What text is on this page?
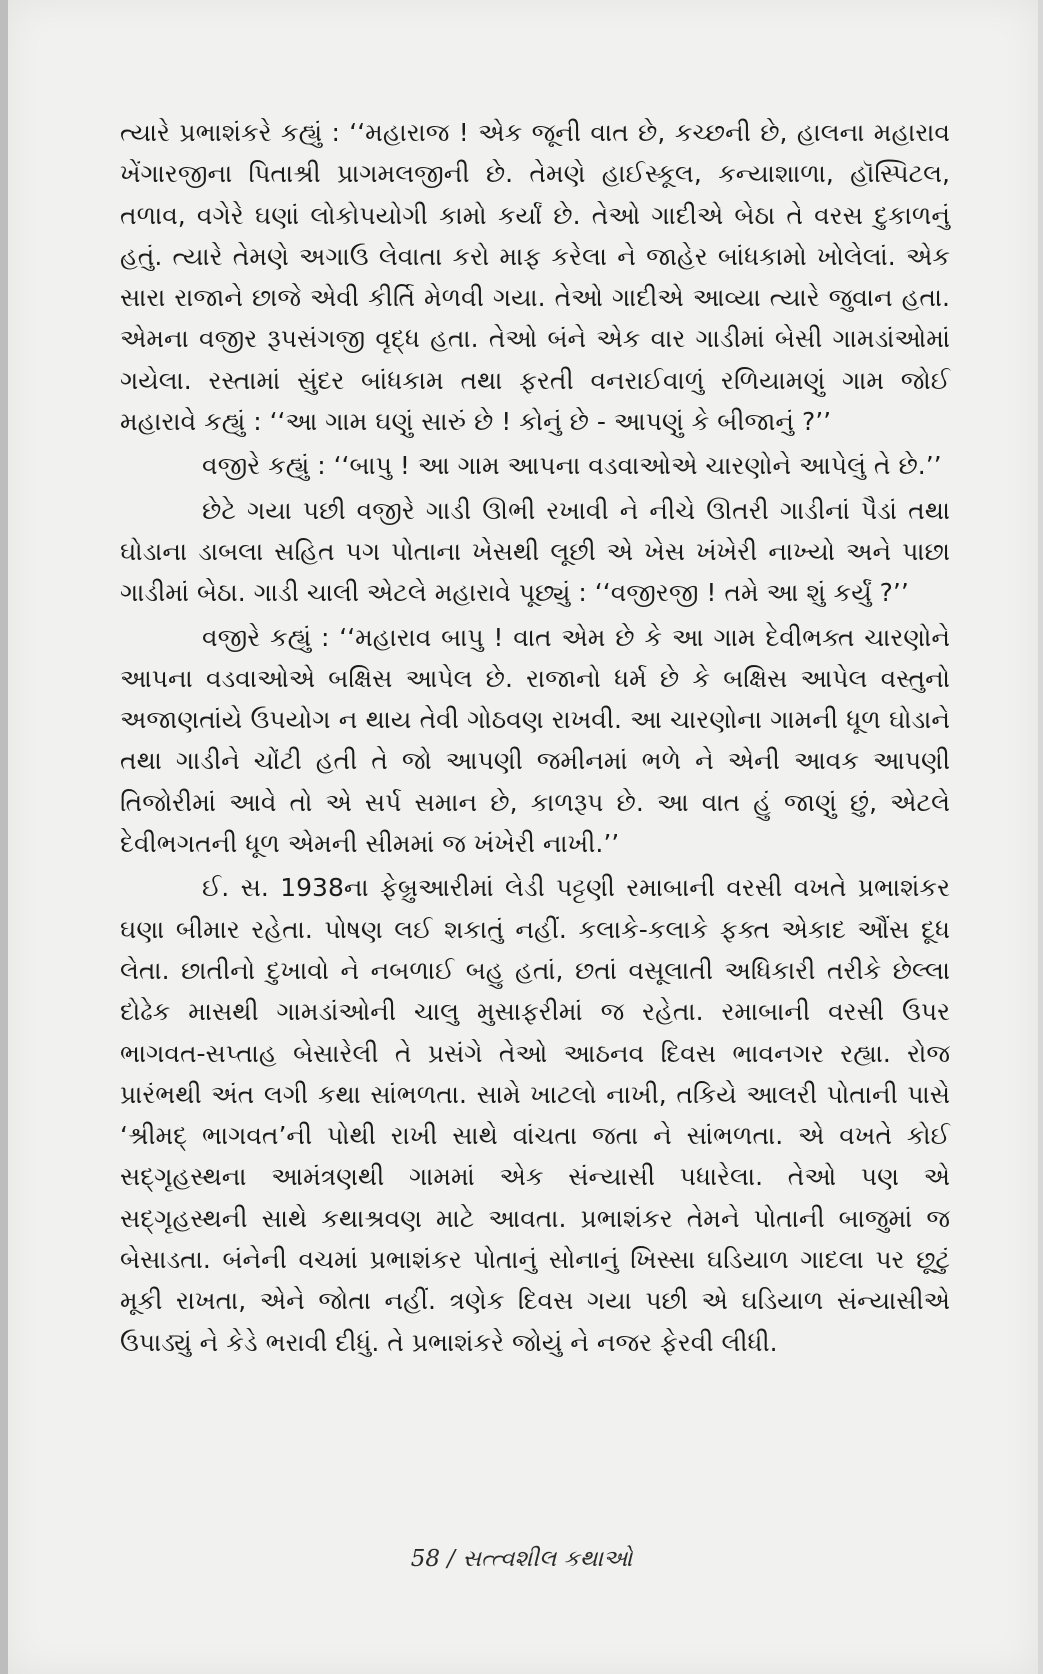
ત્યારે પ્રભાશંકરે કહ્યું : ‘‘મહારાજ ! એક જૂની વાત છે, કચ્છની છે, હાલના મહારાવ ખેંગારજીના પિતાશ્રી પ્રાગમલજીની છે. તેમણે હાઈસ્કૂલ, કન્યાશાળા, હૉસ્પિટલ, તળાવ, વગેરે ઘણાં લોકોપયોગી કામો કર્યાં છે. તેઓ ગાદીએ બેઠા તે વરસ દુકાળનું હતું. ત્યારે તેમણે અગાઉ લેવાતા કરો માફ કરેલા ને જાહેર બાંધકામો ખોલેલાં. એક સારા રાજાને છાજે એવી કીર્તિ મેળવી ગયા. તેઓ ગાદીએ આવ્યા ત્યારે જુવાન હતા. એમના વજીર રૂપસંગજી વૃદ્ધ હતા. તેઓ બંને એક વાર ગાડીમાં બેસી ગામડાંઓમાં ગયેલા. રસ્તામાં સુંદર બાંધકામ તથા ફરતી વનરાઈવાળું રળિયામણું ગામ જોઈ મહારાવે કહ્યું : ‘‘આ ગામ ઘણું સારું છે ! કોનું છે - આપણું કે બીજાનું ?’’

વજીરે કહ્યું : ‘‘બાપુ ! આ ગામ આપના વડવાઓએ ચારણોને આપેલું તે છે.’’

છેટે ગયા પછી વજીરે ગાડી ઊભી રખાવી ને નીચે ઊતરી ગાડીનાં પૈડાં તથા ઘોડાના ડાબલા સહિત પગ પોતાના ખેસથી લૂછી એ ખેસ ખંખેરી નાખ્યો અને પાછા ગાડીમાં બેઠા. ગાડી ચાલી એટલે મહારાવે પૂછ્યું : ‘‘વજીરજી ! તમે આ શું કર્યું ?’’

વજીરે કહ્યું : ‘‘મહારાવ બાપુ ! વાત એમ છે કે આ ગામ દેવીભક્ત ચારણોને આપના વડવાઓએ બક્ષિસ આપેલ છે. રાજાનો ધર્મ છે કે બક્ષિસ આપેલ વસ્તુનો અજાણતાંયે ઉપયોગ ન થાય તેવી ગોઠવણ રાખવી. આ ચારણોના ગામની ધૂળ ઘોડાને તથા ગાડીને ચોંટી હતી તે જો આપણી જમીનમાં ભળે ને એની આવક આપણી તિજોરીમાં આવે તો એ સર્પ સમાન છે, કાળરૂપ છે. આ વાત હું જાણું છું, એટલે દેવીભગતની ધૂળ એમની સીમમાં જ ખંખેરી નાખી.’’

ઈ. સ. 1938ના ફેબ્રુઆરીમાં લેડી પટ્ટણી રમાબાની વરસી વખતે પ્રભાશંકર ઘણા બીમાર રહેતા. પોષણ લઈ શકાતું નહીં. કલાકે-કલાકે ફક્ત એકાદ ઔંસ દૂધ લેતા. છાતીનો દુખાવો ને નબળાઈ બહુ હતાં, છતાં વસૂલાતી અધિકારી તરીકે છેલ્લા દોઢેક માસથી ગામડાંઓની ચાલુ મુસાફરીમાં જ રહેતા. રમાબાની વરસી ઉપર ભાગવત-સપ્તાહ બેસારેલી તે પ્રસંગે તેઓ આઠનવ દિવસ ભાવનગર રહ્યા. રોજ પ્રારંભથી અંત લગી કથા સાંભળતા. સામે ખાટલો નાખી, તકિયે આલરી પોતાની પાસે ‘શ્રીમદ્ ભાગવત’ની પોથી રાખી સાથે વાંચતા જતા ને સાંભળતા. એ વખતે કોઈ સદ્ગૃહસ્થના આમંત્રણથી ગામમાં એક સંન્યાસી પધારેલા. તેઓ પણ એ સદ્ગૃહસ્થની સાથે કથાશ્રવણ માટે આવતા. પ્રભાશંકર તેમને પોતાની બાજુમાં જ બેસાડતા. બંનેની વચમાં પ્રભાશંકર પોતાનું સોનાનું ખિસ્સા ઘડિયાળ ગાદલા પર છૂટું મૂકી રાખતા, એને જોતા નહીં. ત્રણેક દિવસ ગયા પછી એ ઘડિયાળ સંન્યાસીએ ઉપાડ્યું ને કેડે ભરાવી દીધું. તે પ્રભાશંકરે જોયું ને નજર ફેરવી લીધી.

58 / સત્ત્વશીલ કથાઓ
